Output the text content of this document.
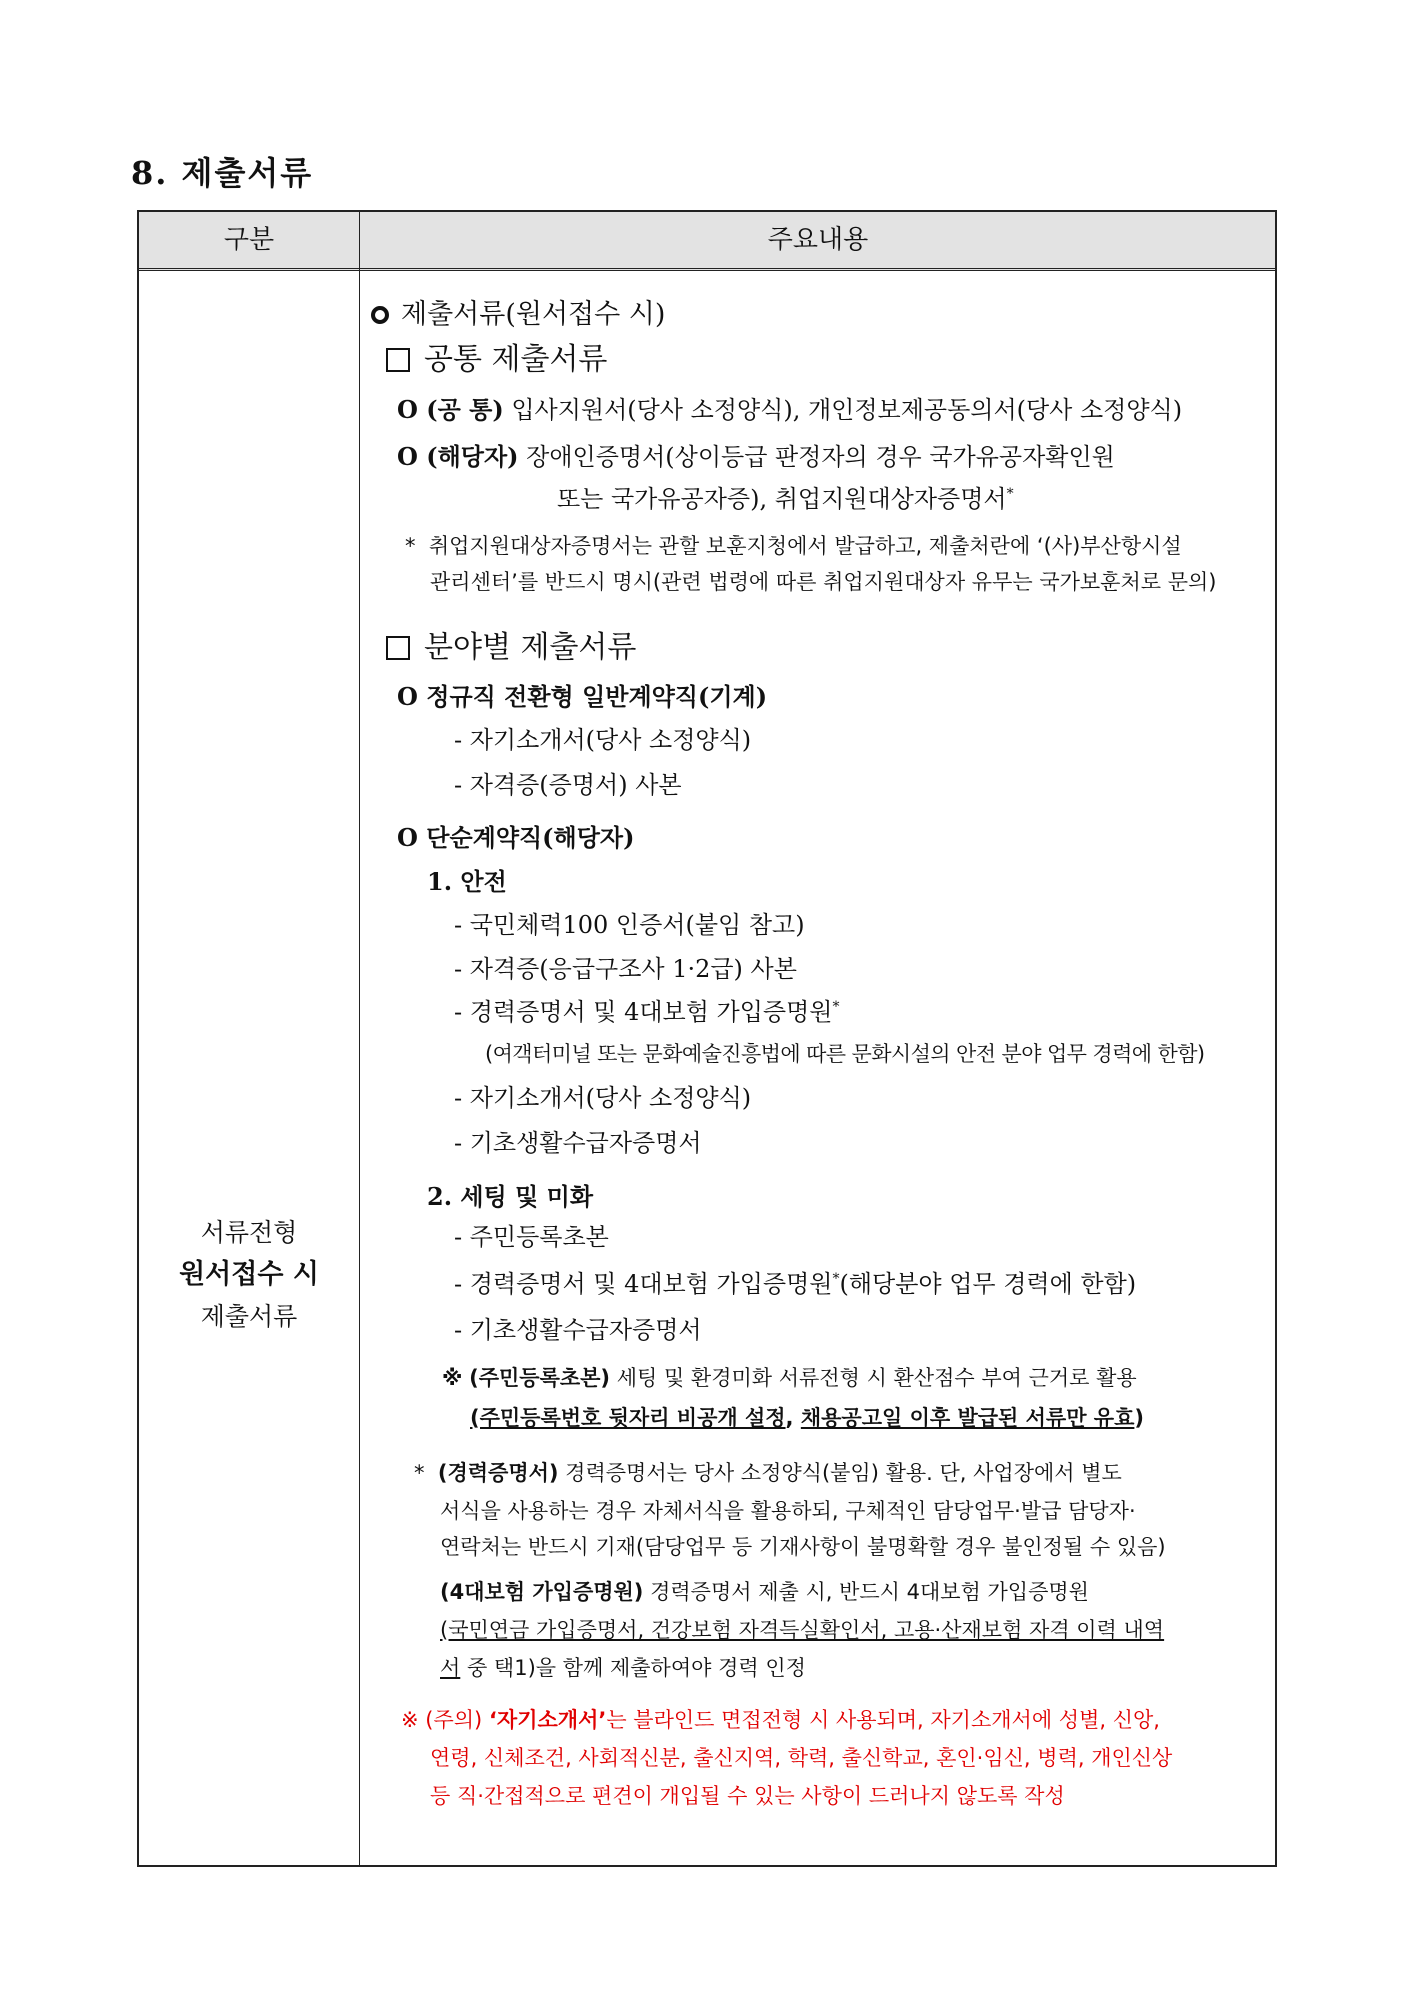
8. 제출서류
구분	주요내용
서류전형
원서접수 시
제출서류
제출서류(원서접수 시)
공통 제출서류
O (공 통) 입사지원서(당사 소정양식), 개인정보제공동의서(당사 소정양식)
O (해당자) 장애인증명서(상이등급 판정자의 경우 국가유공자확인원
또는 국가유공자증), 취업지원대상자증명서*
* 취업지원대상자증명서는 관할 보훈지청에서 발급하고, 제출처란에 ‘(사)부산항시설
관리센터’를 반드시 명시(관련 법령에 따른 취업지원대상자 유무는 국가보훈처로 문의)
분야별 제출서류
O 정규직 전환형 일반계약직(기계)
- 자기소개서(당사 소정양식)
- 자격증(증명서) 사본
O 단순계약직(해당자)
1. 안전
- 국민체력100 인증서(붙임 참고)
- 자격증(응급구조사 1·2급) 사본
- 경력증명서 및 4대보험 가입증명원*
(여객터미널 또는 문화예술진흥법에 따른 문화시설의 안전 분야 업무 경력에 한함)
- 자기소개서(당사 소정양식)
- 기초생활수급자증명서
2. 세팅 및 미화
- 주민등록초본
- 경력증명서 및 4대보험 가입증명원*(해당분야 업무 경력에 한함)
- 기초생활수급자증명서
※ (주민등록초본) 세팅 및 환경미화 서류전형 시 환산점수 부여 근거로 활용
(주민등록번호 뒷자리 비공개 설정, 채용공고일 이후 발급된 서류만 유효)
* (경력증명서) 경력증명서는 당사 소정양식(붙임) 활용. 단, 사업장에서 별도
서식을 사용하는 경우 자체서식을 활용하되, 구체적인 담당업무·발급 담당자·
연락처는 반드시 기재(담당업무 등 기재사항이 불명확할 경우 불인정될 수 있음)
(4대보험 가입증명원) 경력증명서 제출 시, 반드시 4대보험 가입증명원
(국민연금 가입증명서, 건강보험 자격득실확인서, 고용·산재보험 자격 이력 내역
서 중 택1)을 함께 제출하여야 경력 인정
※ (주의) ‘자기소개서’는 블라인드 면접전형 시 사용되며, 자기소개서에 성별, 신앙,
연령, 신체조건, 사회적신분, 출신지역, 학력, 출신학교, 혼인·임신, 병력, 개인신상
등 직·간접적으로 편견이 개입될 수 있는 사항이 드러나지 않도록 작성
